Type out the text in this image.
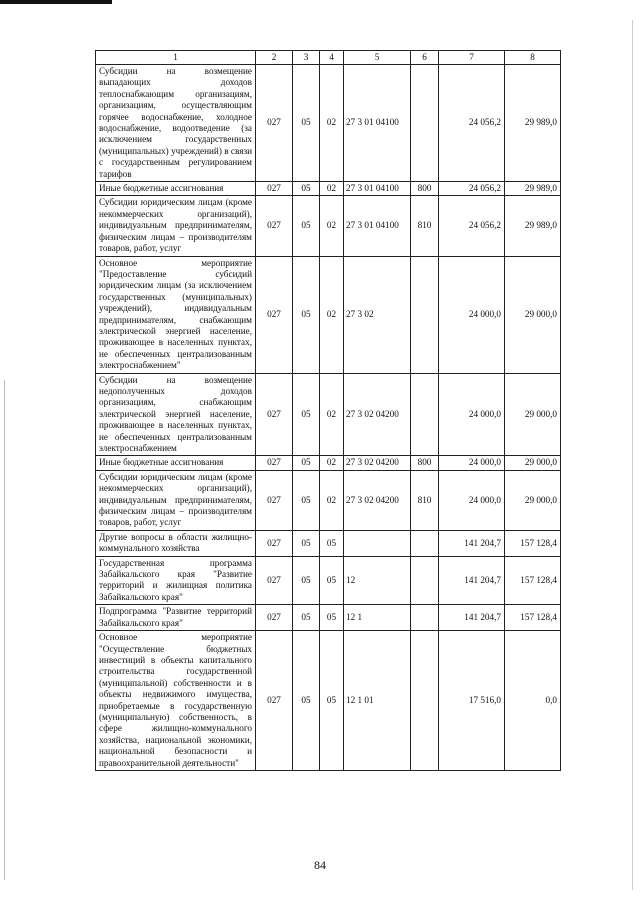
1	2	3	4	5	6	7	8
Субсидии на возмещение выпадающих доходов теплоснабжающим организациям, организациям, осуществляющим горячее водоснабжение, холодное водоснабжение, водоотведение (за исключением государственных (муниципальных) учреждений) в связи с государственным регулированием тарифов	027	05	02	27 3 01 04100		24 056,2	29 989,0
Иные бюджетные ассигнования	027	05	02	27 3 01 04100	800	24 056,2	29 989,0
Субсидии юридическим лицам (кроме некоммерческих организаций), индивидуальным предпринимателям, физическим лицам – производителям товаров, работ, услуг	027	05	02	27 3 01 04100	810	24 056,2	29 989,0
Основное мероприятие "Предоставление субсидий юридическим лицам (за исключением государственных (муниципальных) учреждений), индивидуальным предпринимателям, снабжающим электрической энергией население, проживающее в населенных пунктах, не обеспеченных централизованным электроснабжением"	027	05	02	27 3 02		24 000,0	29 000,0
Субсидии на возмещение недополученных доходов организациям, снабжающим электрической энергией население, проживающее в населенных пунктах, не обеспеченных централизованным электроснабжением	027	05	02	27 3 02 04200		24 000,0	29 000,0
Иные бюджетные ассигнования	027	05	02	27 3 02 04200	800	24 000,0	29 000,0
Субсидии юридическим лицам (кроме некоммерческих организаций), индивидуальным предпринимателям, физическим лицам – производителям товаров, работ, услуг	027	05	02	27 3 02 04200	810	24 000,0	29 000,0
Другие вопросы в области жилищно-коммунального хозяйства	027	05	05			141 204,7	157 128,4
Государственная программа Забайкальского края "Развитие территорий и жилищная политика Забайкальского края"	027	05	05	12		141 204,7	157 128,4
Подпрограмма "Развитие территорий Забайкальского края"	027	05	05	12 1		141 204,7	157 128,4
Основное мероприятие "Осуществление бюджетных инвестиций в объекты капитального строительства государственной (муниципальной) собственности и в объекты недвижимого имущества, приобретаемые в государственную (муниципальную) собственность, в сфере жилищно-коммунального хозяйства, национальной экономики, национальной безопасности и правоохранительной деятельности"	027	05	05	12 1 01		17 516,0	0,0
84
